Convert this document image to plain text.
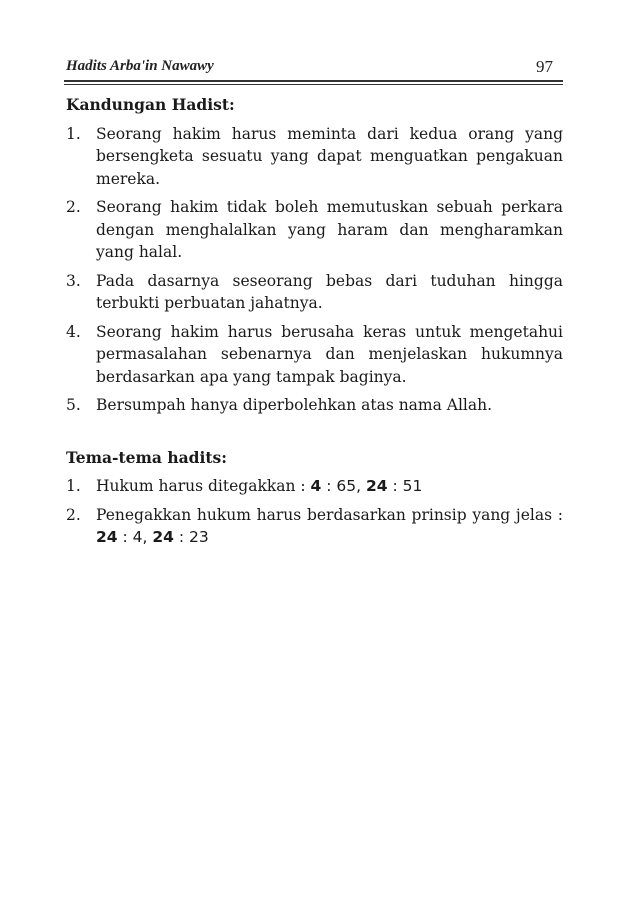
Hadits Arba'in Nawawy	97
Kandungan Hadist:
1. Seorang hakim harus meminta dari kedua orang yang bersengketa sesuatu yang dapat menguatkan pengakuan mereka.
2. Seorang hakim tidak boleh memutuskan sebuah perkara dengan menghalalkan yang haram dan mengharamkan yang halal.
3. Pada dasarnya seseorang bebas dari tuduhan hingga terbukti perbuatan jahatnya.
4. Seorang hakim harus berusaha keras untuk mengetahui permasalahan sebenarnya dan menjelaskan hukumnya berdasarkan apa yang tampak baginya.
5. Bersumpah hanya diperbolehkan atas nama Allah.
Tema-tema hadits:
1. Hukum harus ditegakkan : 4 : 65, 24 : 51
2. Penegakkan hukum harus berdasarkan prinsip yang jelas : 24 : 4, 24 : 23
